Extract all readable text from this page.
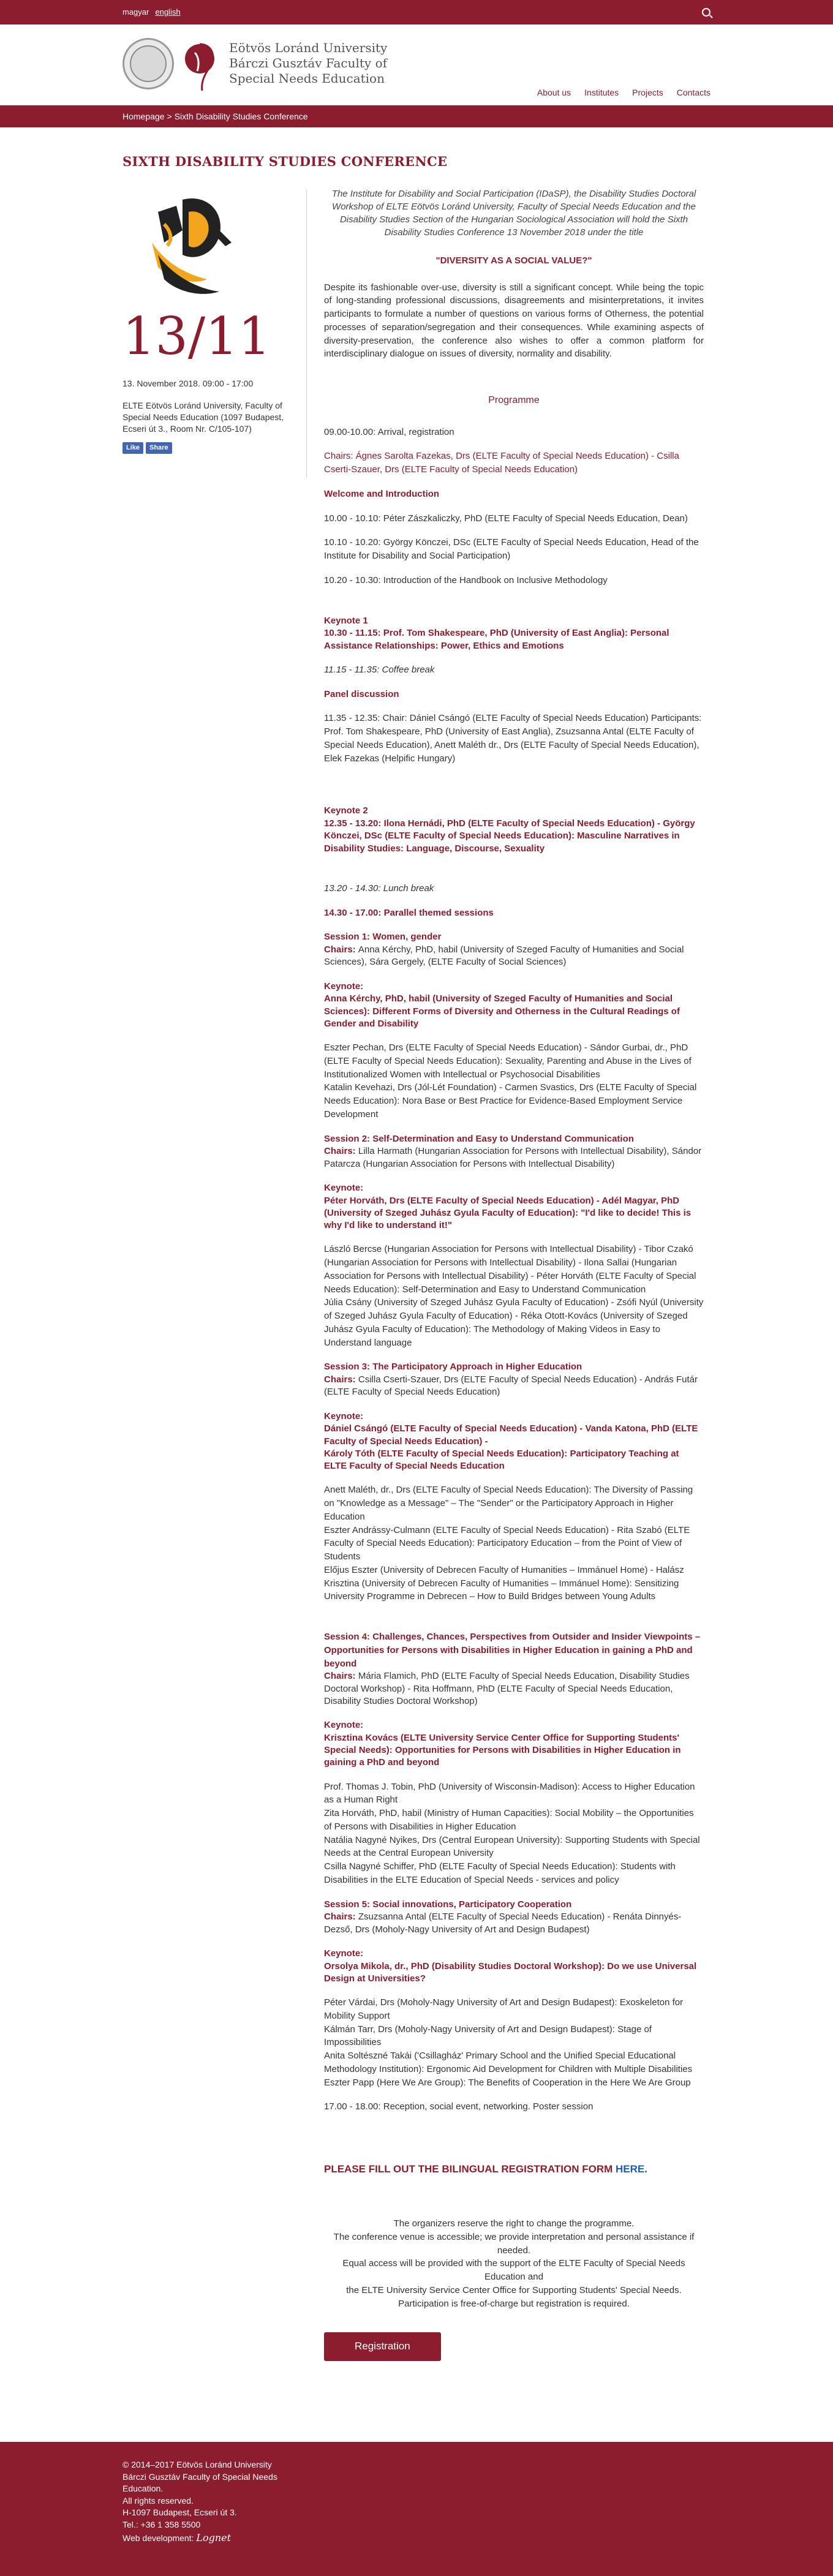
magyar english
Eötvös Loránd University
Bárczi Gusztáv Faculty of
Special Needs Education
About us Institutes Projects Contacts
Homepage > Sixth Disability Studies Conference
SIXTH DISABILITY STUDIES CONFERENCE
13/11
13. November 2018. 09:00 - 17:00
ELTE Eötvös Loránd University, Faculty of Special Needs Education (1097 Budapest, Ecseri út 3., Room Nr. C/105-107)
Like	Share

The Institute for Disability and Social Participation (IDaSP), the Disability Studies Doctoral Workshop of ELTE Eötvös Loránd University, Faculty of Special Needs Education and the Disability Studies Section of the Hungarian Sociological Association will hold the Sixth Disability Studies Conference 13 November 2018 under the title

"DIVERSITY AS A SOCIAL VALUE?"

Despite its fashionable over-use, diversity is still a significant concept. While being the topic of long-standing professional discussions, disagreements and misinterpretations, it invites participants to formulate a number of questions on various forms of Otherness, the potential processes of separation/segregation and their consequences. While examining aspects of diversity-preservation, the conference also wishes to offer a common platform for interdisciplinary dialogue on issues of diversity, normality and disability.

Programme

09.00-10.00: Arrival, registration

Chairs: Ágnes Sarolta Fazekas, Drs (ELTE Faculty of Special Needs Education) - Csilla Cserti-Szauer, Drs (ELTE Faculty of Special Needs Education)

Welcome and Introduction

10.00 - 10.10: Péter Zászkaliczky, PhD (ELTE Faculty of Special Needs Education, Dean)

10.10 - 10.20: György Könczei, DSc (ELTE Faculty of Special Needs Education, Head of the Institute for Disability and Social Participation)

10.20 - 10.30: Introduction of the Handbook on Inclusive Methodology

Keynote 1

10.30 - 11.15: Prof. Tom Shakespeare, PhD (University of East Anglia): Personal Assistance Relationships: Power, Ethics and Emotions

11.15 - 11.35: Coffee break

Panel discussion

11.35 - 12.35: Chair: Dániel Csángó (ELTE Faculty of Special Needs Education) Participants: Prof. Tom Shakespeare, PhD (University of East Anglia), Zsuzsanna Antal (ELTE Faculty of Special Needs Education), Anett Maléth dr., Drs (ELTE Faculty of Special Needs Education), Elek Fazekas (Helpific Hungary)

Keynote 2

12.35 - 13.20: Ilona Hernádi, PhD (ELTE Faculty of Special Needs Education) - György Könczei, DSc (ELTE Faculty of Special Needs Education): Masculine Narratives in Disability Studies: Language, Discourse, Sexuality

13.20 - 14.30: Lunch break

14.30 - 17.00: Parallel themed sessions

Session 1: Women, gender

Chairs: Anna Kérchy, PhD, habil (University of Szeged Faculty of Humanities and Social Sciences), Sára Gergely, (ELTE Faculty of Social Sciences)

Keynote:

Anna Kérchy, PhD, habil (University of Szeged Faculty of Humanities and Social Sciences): Different Forms of Diversity and Otherness in the Cultural Readings of Gender and Disability

Eszter Pechan, Drs (ELTE Faculty of Special Needs Education) - Sándor Gurbai, dr., PhD (ELTE Faculty of Special Needs Education): Sexuality, Parenting and Abuse in the Lives of Institutionalized Women with Intellectual or Psychosocial Disabilities
Katalin Kevehazi, Drs (Jól-Lét Foundation) - Carmen Svastics, Drs (ELTE Faculty of Special Needs Education): Nora Base or Best Practice for Evidence-Based Employment Service Development

Session 2: Self-Determination and Easy to Understand Communication

Chairs: Lilla Harmath (Hungarian Association for Persons with Intellectual Disability), Sándor Patarcza (Hungarian Association for Persons with Intellectual Disability)

Keynote:

Péter Horváth, Drs (ELTE Faculty of Special Needs Education) - Adél Magyar, PhD (University of Szeged Juhász Gyula Faculty of Education): "I'd like to decide! This is why I'd like to understand it!"

László Bercse (Hungarian Association for Persons with Intellectual Disability) - Tibor Czakó (Hungarian Association for Persons with Intellectual Disability) - Ilona Sallai (Hungarian Association for Persons with Intellectual Disability) - Péter Horváth (ELTE Faculty of Special Needs Education): Self-Determination and Easy to Understand Communication
Júlia Csány (University of Szeged Juhász Gyula Faculty of Education) - Zsófi Nyúl (University of Szeged Juhász Gyula Faculty of Education) - Réka Otott-Kovács (University of Szeged Juhász Gyula Faculty of Education): The Methodology of Making Videos in Easy to Understand language

Session 3: The Participatory Approach in Higher Education

Chairs: Csilla Cserti-Szauer, Drs (ELTE Faculty of Special Needs Education) - András Futár (ELTE Faculty of Special Needs Education)

Keynote:

Dániel Csángó (ELTE Faculty of Special Needs Education) - Vanda Katona, PhD (ELTE Faculty of Special Needs Education) -
Károly Tóth (ELTE Faculty of Special Needs Education): Participatory Teaching at ELTE Faculty of Special Needs Education

Anett Maléth, dr., Drs (ELTE Faculty of Special Needs Education): The Diversity of Passing on "Knowledge as a Message" – The "Sender" or the Participatory Approach in Higher Education
Eszter Andrássy-Culmann (ELTE Faculty of Special Needs Education) - Rita Szabó (ELTE Faculty of Special Needs Education): Participatory Education – from the Point of View of Students
Előjus Eszter (University of Debrecen Faculty of Humanities – Immánuel Home) - Halász Krisztina (University of Debrecen Faculty of Humanities – Immánuel Home): Sensitizing University Programme in Debrecen – How to Build Bridges between Young Adults

Session 4: Challenges, Chances, Perspectives from Outsider and Insider Viewpoints – Opportunities for Persons with Disabilities in Higher Education in gaining a PhD and beyond

Chairs: Mária Flamich, PhD (ELTE Faculty of Special Needs Education, Disability Studies Doctoral Workshop) - Rita Hoffmann, PhD (ELTE Faculty of Special Needs Education, Disability Studies Doctoral Workshop)

Keynote:

Krisztina Kovács (ELTE University Service Center Office for Supporting Students' Special Needs): Opportunities for Persons with Disabilities in Higher Education in gaining a PhD and beyond

Prof. Thomas J. Tobin, PhD (University of Wisconsin-Madison): Access to Higher Education as a Human Right
Zita Horváth, PhD, habil (Ministry of Human Capacities): Social Mobility – the Opportunities of Persons with Disabilities in Higher Education
Natália Nagyné Nyikes, Drs (Central European University): Supporting Students with Special Needs at the Central European University
Csilla Nagyné Schiffer, PhD (ELTE Faculty of Special Needs Education): Students with Disabilities in the ELTE Education of Special Needs - services and policy

Session 5: Social innovations, Participatory Cooperation

Chairs: Zsuzsanna Antal (ELTE Faculty of Special Needs Education) - Renáta Dinnyés-Dezső, Drs (Moholy-Nagy University of Art and Design Budapest)

Keynote:

Orsolya Mikola, dr., PhD (Disability Studies Doctoral Workshop): Do we use Universal Design at Universities?

Péter Várdai, Drs (Moholy-Nagy University of Art and Design Budapest): Exoskeleton for Mobility Support
Kálmán Tarr, Drs (Moholy-Nagy University of Art and Design Budapest): Stage of Impossibilities
Anita Soltészné Takái ('Csillagház' Primary School and the Unified Special Educational Methodology Institution): Ergonomic Aid Development for Children with Multiple Disabilities
Eszter Papp (Here We Are Group): The Benefits of Cooperation in the Here We Are Group

17.00 - 18.00: Reception, social event, networking. Poster session

PLEASE FILL OUT THE BILINGUAL REGISTRATION FORM HERE.

The organizers reserve the right to change the programme.
The conference venue is accessible; we provide interpretation and personal assistance if needed.
Equal access will be provided with the support of the ELTE Faculty of Special Needs Education and
the ELTE University Service Center Office for Supporting Students' Special Needs.
Participation is free-of-charge but registration is required.

Registration
© 2014–2017 Eötvös Loránd University
Bárczi Gusztáv Faculty of Special Needs
Education.
All rights reserved.
H-1097 Budapest, Ecseri út 3.
Tel.: +36 1 358 5500
Web development: Lognet
